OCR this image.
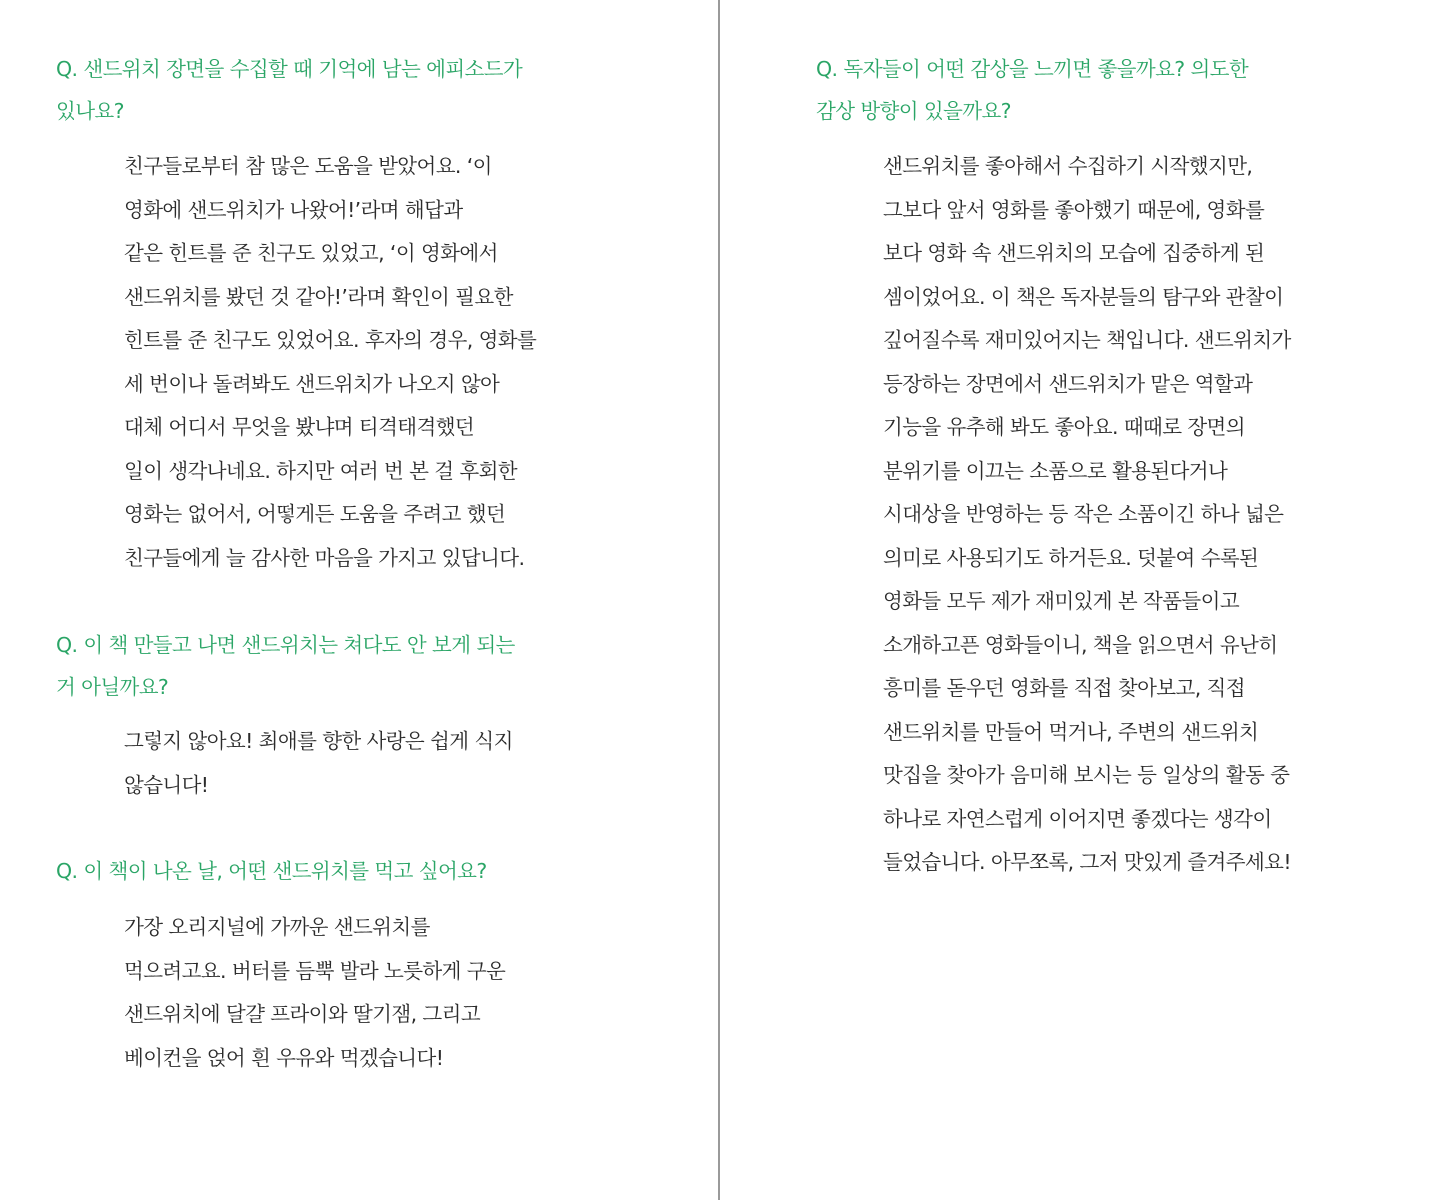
Q. 샌드위치 장면을 수집할 때 기억에 남는 에피소드가
있나요?
친구들로부터 참 많은 도움을 받았어요. ‘이
영화에 샌드위치가 나왔어!’라며 해답과
같은 힌트를 준 친구도 있었고, ‘이 영화에서
샌드위치를 봤던 것 같아!’라며 확인이 필요한
힌트를 준 친구도 있었어요. 후자의 경우, 영화를
세 번이나 돌려봐도 샌드위치가 나오지 않아
대체 어디서 무엇을 봤냐며 티격태격했던
일이 생각나네요. 하지만 여러 번 본 걸 후회한
영화는 없어서, 어떻게든 도움을 주려고 했던
친구들에게 늘 감사한 마음을 가지고 있답니다.
Q. 이 책 만들고 나면 샌드위치는 쳐다도 안 보게 되는
거 아닐까요?
그렇지 않아요! 최애를 향한 사랑은 쉽게 식지
않습니다!
Q. 이 책이 나온 날, 어떤 샌드위치를 먹고 싶어요?
가장 오리지널에 가까운 샌드위치를
먹으려고요. 버터를 듬뿍 발라 노릇하게 구운
샌드위치에 달걀 프라이와 딸기잼, 그리고
베이컨을 얹어 흰 우유와 먹겠습니다!
Q. 독자들이 어떤 감상을 느끼면 좋을까요? 의도한
감상 방향이 있을까요?
샌드위치를 좋아해서 수집하기 시작했지만,
그보다 앞서 영화를 좋아했기 때문에, 영화를
보다 영화 속 샌드위치의 모습에 집중하게 된
셈이었어요. 이 책은 독자분들의 탐구와 관찰이
깊어질수록 재미있어지는 책입니다. 샌드위치가
등장하는 장면에서 샌드위치가 맡은 역할과
기능을 유추해 봐도 좋아요. 때때로 장면의
분위기를 이끄는 소품으로 활용된다거나
시대상을 반영하는 등 작은 소품이긴 하나 넓은
의미로 사용되기도 하거든요. 덧붙여 수록된
영화들 모두 제가 재미있게 본 작품들이고
소개하고픈 영화들이니, 책을 읽으면서 유난히
흥미를 돋우던 영화를 직접 찾아보고, 직접
샌드위치를 만들어 먹거나, 주변의 샌드위치
맛집을 찾아가 음미해 보시는 등 일상의 활동 중
하나로 자연스럽게 이어지면 좋겠다는 생각이
들었습니다. 아무쪼록, 그저 맛있게 즐겨주세요!
